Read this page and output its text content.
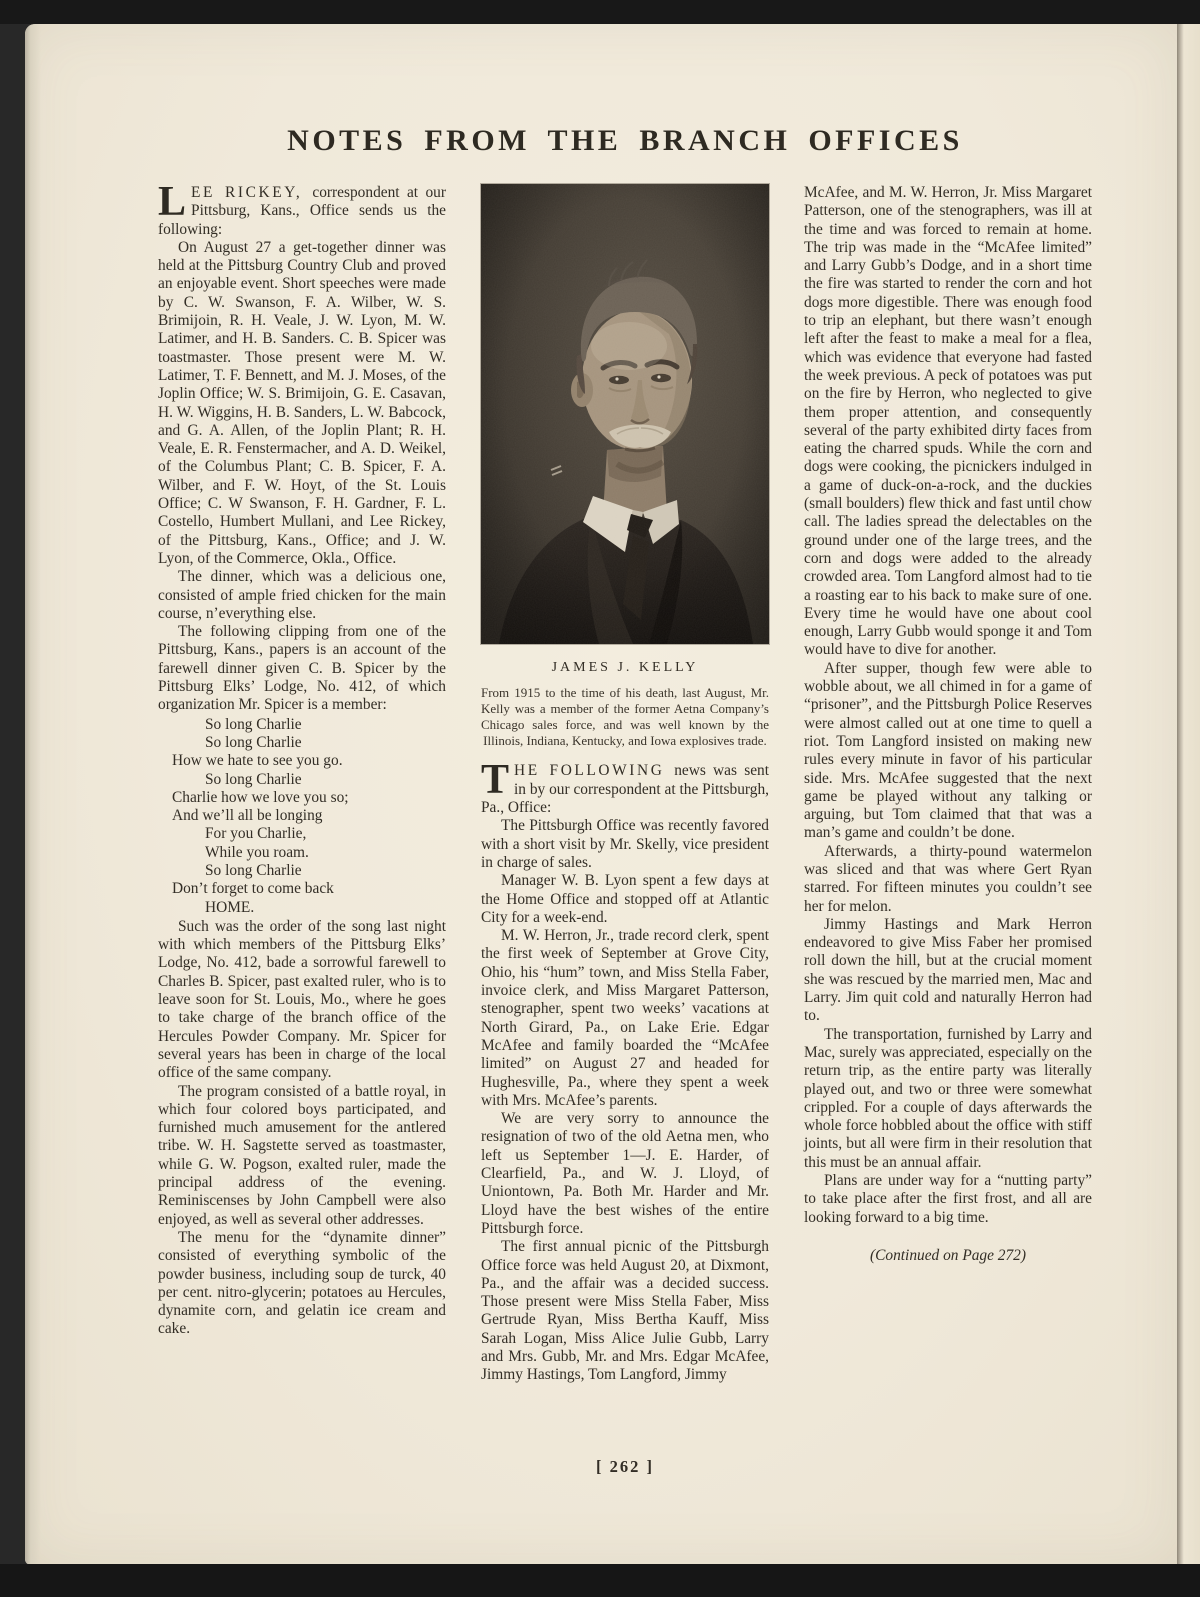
NOTES FROM THE BRANCH OFFICES

LEE RICKEY, correspondent at our Pittsburg, Kans., Office sends us the following:

On August 27 a get-together dinner was held at the Pittsburg Country Club and proved an enjoyable event. Short speeches were made by C. W. Swanson, F. A. Wilber, W. S. Brimijoin, R. H. Veale, J. W. Lyon, M. W. Latimer, and H. B. Sanders. C. B. Spicer was toastmaster. Those present were M. W. Latimer, T. F. Bennett, and M. J. Moses, of the Joplin Office; W. S. Brimijoin, G. E. Casavan, H. W. Wiggins, H. B. Sanders, L. W. Babcock, and G. A. Allen, of the Joplin Plant; R. H. Veale, E. R. Fenstermacher, and A. D. Weikel, of the Columbus Plant; C. B. Spicer, F. A. Wilber, and F. W. Hoyt, of the St. Louis Office; C. W Swanson, F. H. Gardner, F. L. Costello, Humbert Mullani, and Lee Rickey, of the Pittsburg, Kans., Office; and J. W. Lyon, of the Commerce, Okla., Office.

The dinner, which was a delicious one, consisted of ample fried chicken for the main course, n’everything else.

The following clipping from one of the Pittsburg, Kans., papers is an account of the farewell dinner given C. B. Spicer by the Pittsburg Elks’ Lodge, No. 412, of which organization Mr. Spicer is a member:

So long Charlie
So long Charlie
How we hate to see you go.
So long Charlie
Charlie how we love you so;
And we’ll all be longing
For you Charlie,
While you roam.
So long Charlie
Don’t forget to come back
HOME.

Such was the order of the song last night with which members of the Pittsburg Elks’ Lodge, No. 412, bade a sorrowful farewell to Charles B. Spicer, past exalted ruler, who is to leave soon for St. Louis, Mo., where he goes to take charge of the branch office of the Hercules Powder Company. Mr. Spicer for several years has been in charge of the local office of the same company.

The program consisted of a battle royal, in which four colored boys participated, and furnished much amusement for the antlered tribe. W. H. Sagstette served as toastmaster, while G. W. Pogson, exalted ruler, made the principal address of the evening. Reminiscenses by John Campbell were also enjoyed, as well as several other addresses.

The menu for the “dynamite dinner” consisted of everything symbolic of the powder business, including soup de turck, 40 per cent. nitro-glycerin; potatoes au Hercules, dynamite corn, and gelatin ice cream and cake.

JAMES J. KELLY
From 1915 to the time of his death, last August, Mr. Kelly was a member of the former Aetna Company’s Chicago sales force, and was well known by the Illinois, Indiana, Kentucky, and Iowa explosives trade.

THE FOLLOWING news was sent in by our correspondent at the Pittsburgh, Pa., Office:

The Pittsburgh Office was recently favored with a short visit by Mr. Skelly, vice president in charge of sales.

Manager W. B. Lyon spent a few days at the Home Office and stopped off at Atlantic City for a week-end.

M. W. Herron, Jr., trade record clerk, spent the first week of September at Grove City, Ohio, his “hum” town, and Miss Stella Faber, invoice clerk, and Miss Margaret Patterson, stenographer, spent two weeks’ vacations at North Girard, Pa., on Lake Erie. Edgar McAfee and family boarded the “McAfee limited” on August 27 and headed for Hughesville, Pa., where they spent a week with Mrs. McAfee’s parents.

We are very sorry to announce the resignation of two of the old Aetna men, who left us September 1—J. E. Harder, of Clearfield, Pa., and W. J. Lloyd, of Uniontown, Pa. Both Mr. Harder and Mr. Lloyd have the best wishes of the entire Pittsburgh force.

The first annual picnic of the Pittsburgh Office force was held August 20, at Dixmont, Pa., and the affair was a decided success. Those present were Miss Stella Faber, Miss Gertrude Ryan, Miss Bertha Kauff, Miss Sarah Logan, Miss Alice Julie Gubb, Larry and Mrs. Gubb, Mr. and Mrs. Edgar McAfee, Jimmy Hastings, Tom Langford, Jimmy

McAfee, and M. W. Herron, Jr. Miss Margaret Patterson, one of the stenographers, was ill at the time and was forced to remain at home. The trip was made in the “McAfee limited” and Larry Gubb’s Dodge, and in a short time the fire was started to render the corn and hot dogs more digestible. There was enough food to trip an elephant, but there wasn’t enough left after the feast to make a meal for a flea, which was evidence that everyone had fasted the week previous. A peck of potatoes was put on the fire by Herron, who neglected to give them proper attention, and consequently several of the party exhibited dirty faces from eating the charred spuds. While the corn and dogs were cooking, the picnickers indulged in a game of duck-on-a-rock, and the duckies (small boulders) flew thick and fast until chow call. The ladies spread the delectables on the ground under one of the large trees, and the corn and dogs were added to the already crowded area. Tom Langford almost had to tie a roasting ear to his back to make sure of one. Every time he would have one about cool enough, Larry Gubb would sponge it and Tom would have to dive for another.

After supper, though few were able to wobble about, we all chimed in for a game of “prisoner”, and the Pittsburgh Police Reserves were almost called out at one time to quell a riot. Tom Langford insisted on making new rules every minute in favor of his particular side. Mrs. McAfee suggested that the next game be played without any talking or arguing, but Tom claimed that that was a man’s game and couldn’t be done.

Afterwards, a thirty-pound watermelon was sliced and that was where Gert Ryan starred. For fifteen minutes you couldn’t see her for melon.

Jimmy Hastings and Mark Herron endeavored to give Miss Faber her promised roll down the hill, but at the crucial moment she was rescued by the married men, Mac and Larry. Jim quit cold and naturally Herron had to.

The transportation, furnished by Larry and Mac, surely was appreciated, especially on the return trip, as the entire party was literally played out, and two or three were somewhat crippled. For a couple of days afterwards the whole force hobbled about the office with stiff joints, but all were firm in their resolution that this must be an annual affair.

Plans are under way for a “nutting party” to take place after the first frost, and all are looking forward to a big time.

(Continued on Page 272)

[ 262 ]
